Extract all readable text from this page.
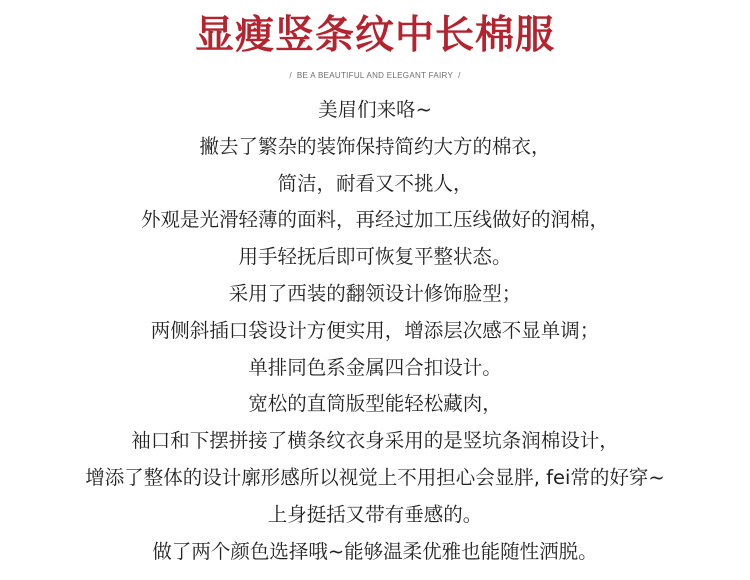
显瘦竖条纹中长棉服
/ BE A BEAUTIFUL AND ELEGANT FAIRY /
美眉们来咯~
撇去了繁杂的装饰保持简约大方的棉衣，
简洁，耐看又不挑人，
外观是光滑轻薄的面料，再经过加工压线做好的润棉，
用手轻抚后即可恢复平整状态。
采用了西装的翻领设计修饰脸型；
两侧斜插口袋设计方便实用，增添层次感不显单调；
单排同色系金属四合扣设计。
宽松的直筒版型能轻松藏肉，
袖口和下摆拼接了横条纹衣身采用的是竖坑条润棉设计，
增添了整体的设计廓形感所以视觉上不用担心会显胖, fei常的好穿~
上身挺括又带有垂感的。
做了两个颜色选择哦~能够温柔优雅也能随性洒脱。
